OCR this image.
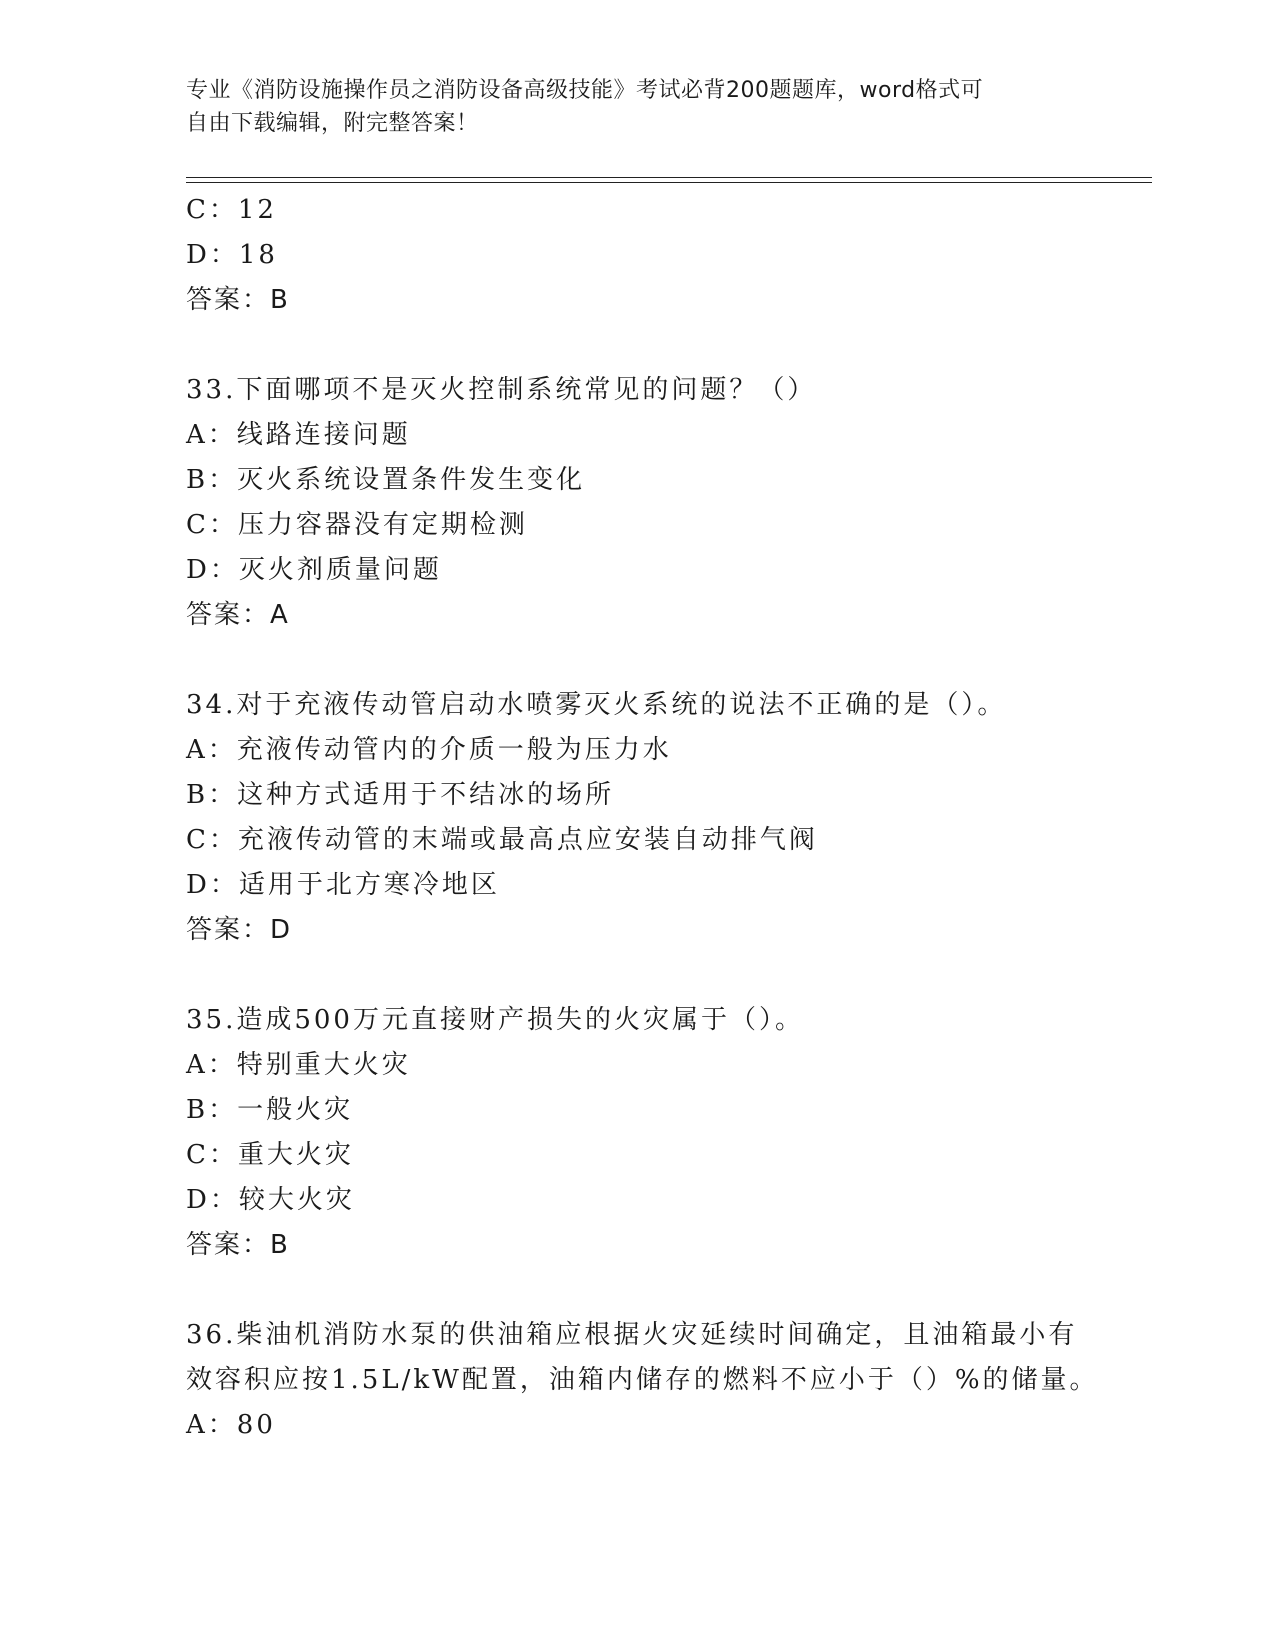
专业《消防设施操作员之消防设备高级技能》考试必背200题题库，word格式可
自由下载编辑，附完整答案！
C：12
D：18
答案：B
33.下面哪项不是灭火控制系统常见的问题？（）
A：线路连接问题
B：灭火系统设置条件发生变化
C：压力容器没有定期检测
D：灭火剂质量问题
答案：A
34.对于充液传动管启动水喷雾灭火系统的说法不正确的是（）。
A：充液传动管内的介质一般为压力水
B：这种方式适用于不结冰的场所
C：充液传动管的末端或最高点应安装自动排气阀
D：适用于北方寒冷地区
答案：D
35.造成500万元直接财产损失的火灾属于（）。
A：特别重大火灾
B：一般火灾
C：重大火灾
D：较大火灾
答案：B
36.柴油机消防水泵的供油箱应根据火灾延续时间确定，且油箱最小有
效容积应按1.5L/kW配置，油箱内储存的燃料不应小于（）%的储量。
A：80
